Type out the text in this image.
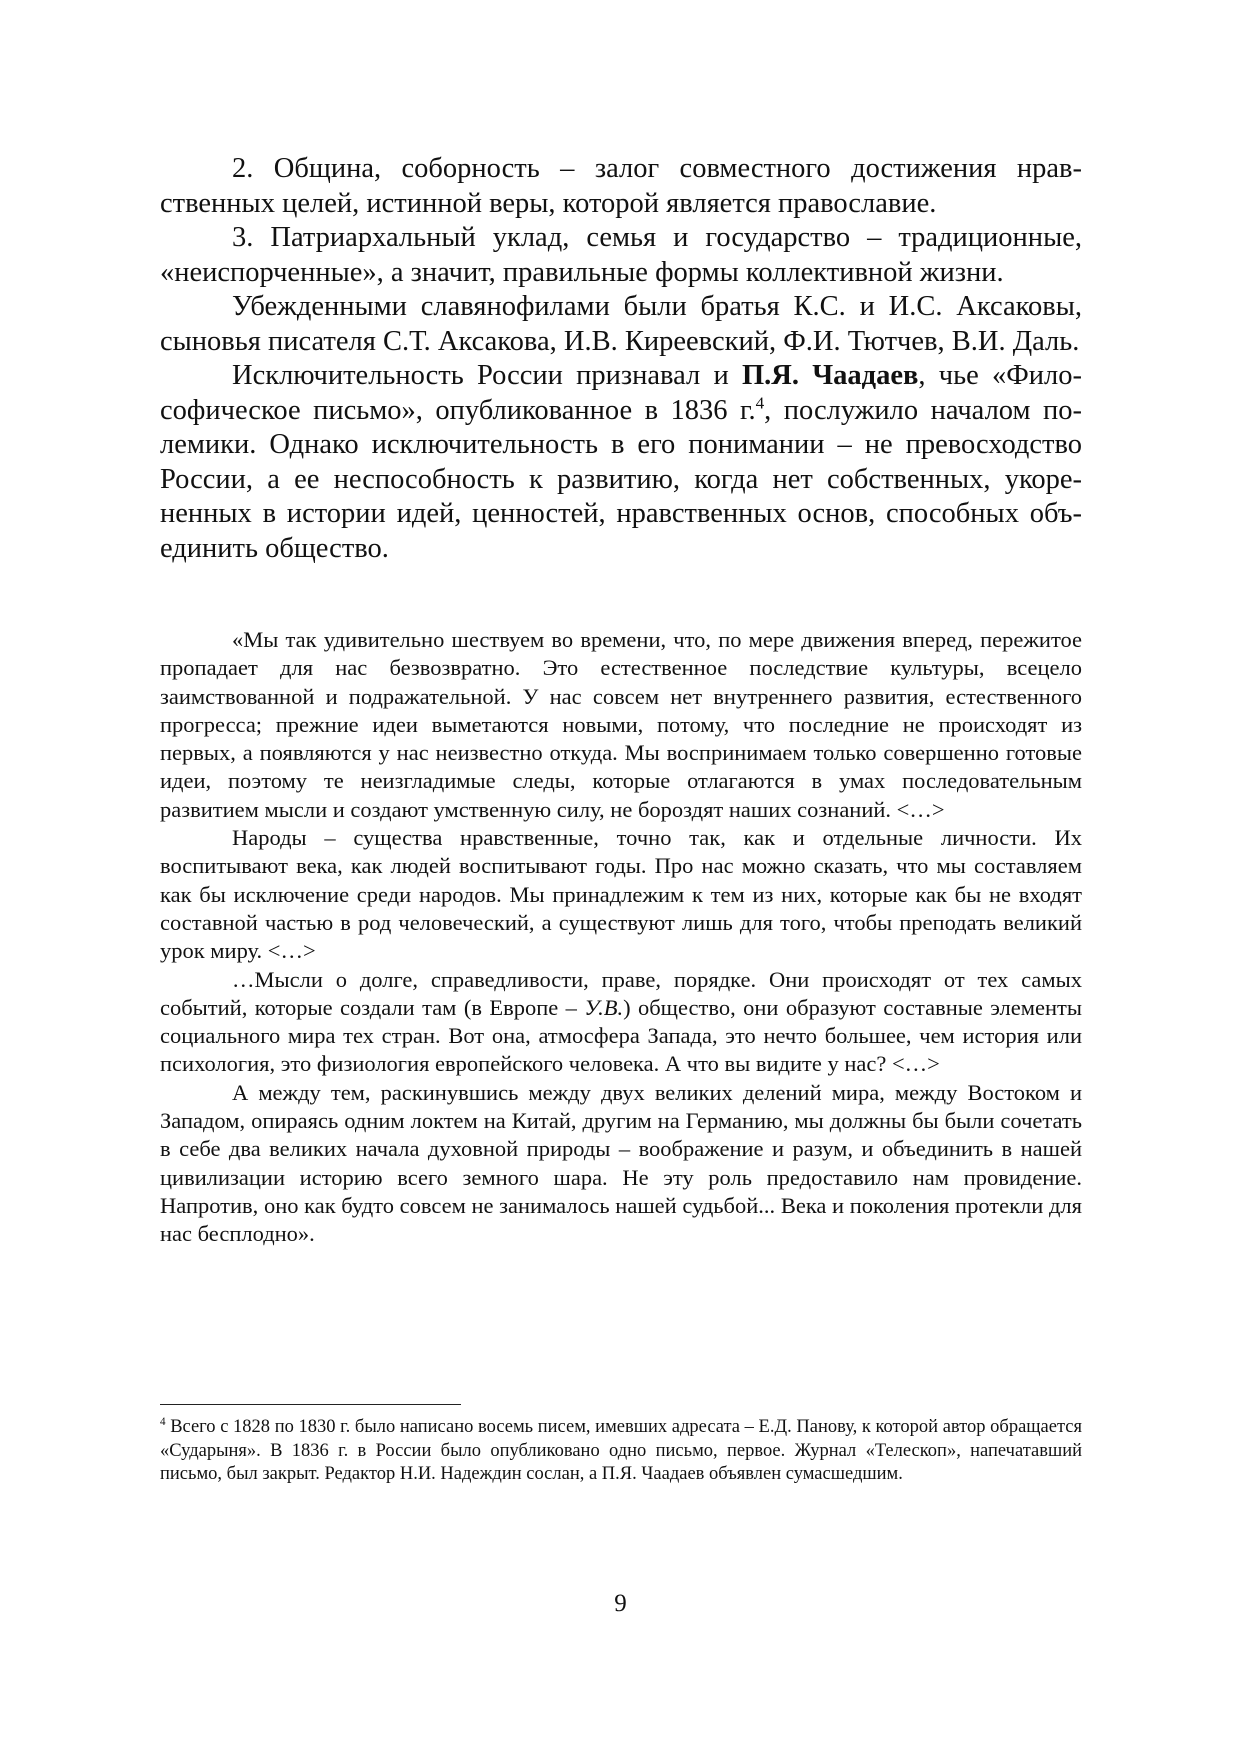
2. Община, соборность – залог совместного достижения нравственных целей, истинной веры, которой является православие.

3. Патриархальный уклад, семья и государство – традиционные, «неиспорченные», а значит, правильные формы коллективной жизни.

Убежденными славянофилами были братья К.С. и И.С. Аксаковы, сыновья писателя С.Т. Аксакова, И.В. Киреевский, Ф.И. Тютчев, В.И. Даль.

Исключительность России признавал и П.Я. Чаадаев, чье «Философическое письмо», опубликованное в 1836 г.$^4$, послужило началом полемики. Однако исключительность в его понимании – не превосходство России, а ее неспособность к развитию, когда нет собственных, укорененных в истории идей, ценностей, нравственных основ, способных объединить общество.

«Мы так удивительно шествуем во времени, что, по мере движения вперед, пережитое пропадает для нас безвозвратно. Это естественное последствие культуры, всецело заимствованной и подражательной. У нас совсем нет внутреннего развития, естественного прогресса; прежние идеи выметаются новыми, потому, что последние не происходят из первых, а появляются у нас неизвестно откуда. Мы воспринимаем только совершенно готовые идеи, поэтому те неизгладимые следы, которые отлагаются в умах последовательным развитием мысли и создают умственную силу, не бороздят наших сознаний. <…>

Народы – существа нравственные, точно так, как и отдельные личности. Их воспитывают века, как людей воспитывают годы. Про нас можно сказать, что мы составляем как бы исключение среди народов. Мы принадлежим к тем из них, которые как бы не входят составной частью в род человеческий, а существуют лишь для того, чтобы преподать великий урок миру. <…>

…Мысли о долге, справедливости, праве, порядке. Они происходят от тех самых событий, которые создали там (в Европе – У.В.) общество, они образуют составные элементы социального мира тех стран. Вот она, атмосфера Запада, это нечто большее, чем история или психология, это физиология европейского человека. А что вы видите у нас? <…>

А между тем, раскинувшись между двух великих делений мира, между Востоком и Западом, опираясь одним локтем на Китай, другим на Германию, мы должны бы были сочетать в себе два великих начала духовной природы – воображение и разум, и объединить в нашей цивилизации историю всего земного шара. Не эту роль предоставило нам провидение. Напротив, оно как будто совсем не занималось нашей судьбой... Века и поколения протекли для нас бесплодно».

$^4$ Всего с 1828 по 1830 г. было написано восемь писем, имевших адресата – Е.Д. Панову, к которой автор обращается «Сударыня». В 1836 г. в России было опубликовано одно письмо, первое. Журнал «Телескоп», напечатавший письмо, был закрыт. Редактор Н.И. Надеждин сослан, а П.Я. Чаадаев объявлен сумасшедшим.

9
